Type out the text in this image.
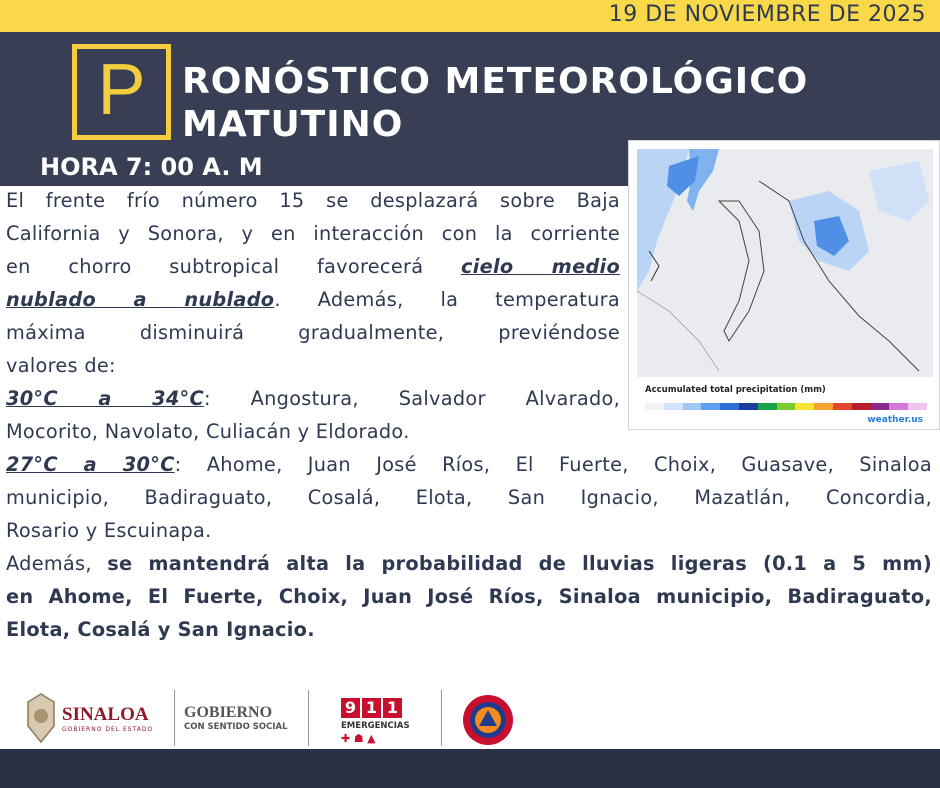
19 DE NOVIEMBRE DE 2025
P	RONÓSTICO METEOROLÓGICO
MATUTINO
HORA 7: 00 A. M
Accumulated total precipitation (mm)
weather.us
El frente frío número 15 se desplazará sobre Baja
California y Sonora, y en interacción con la corriente
en chorro subtropical favorecerá cielo medio
nublado a nublado. Además, la temperatura
máxima disminuirá gradualmente, previéndose
valores de:
30°C a 34°C: Angostura, Salvador Alvarado,
Mocorito, Navolato, Culiacán y Eldorado.
27°C a 30°C: Ahome, Juan José Ríos, El Fuerte, Choix, Guasave, Sinaloa
municipio, Badiraguato, Cosalá, Elota, San Ignacio, Mazatlán, Concordia,
Rosario y Escuinapa.
Además, se mantendrá alta la probabilidad de lluvias ligeras (0.1 a 5 mm)
en Ahome, El Fuerte, Choix, Juan José Ríos, Sinaloa municipio, Badiraguato,
Elota, Cosalá y San Ignacio.
SINALOA
GOBIERNO DEL ESTADO
GOBIERNO
CON SENTIDO SOCIAL
9 1 1
EMERGENCIAS
✚ ☗ ▲
